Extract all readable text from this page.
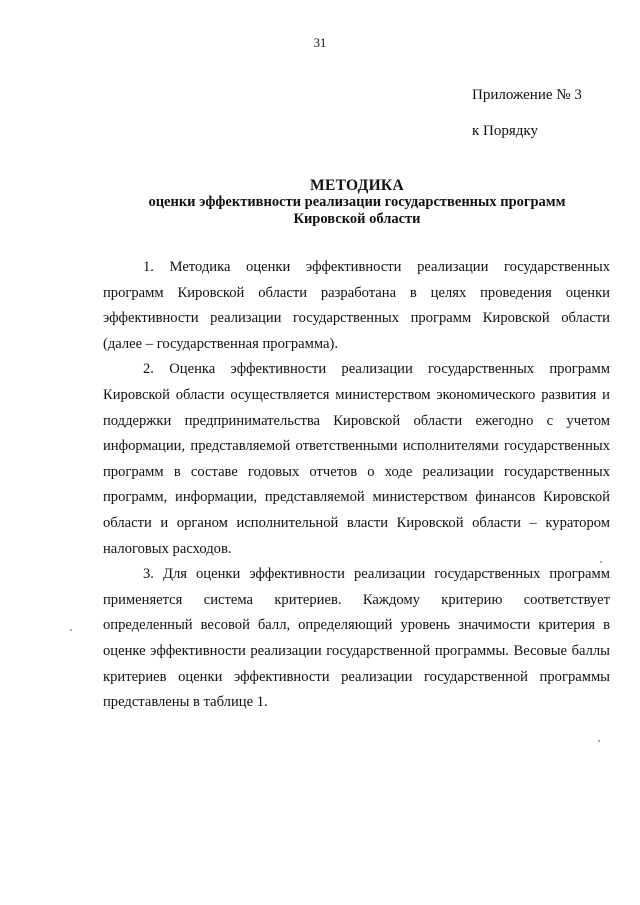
31
Приложение № 3
к Порядку
МЕТОДИКА
оценки эффективности реализации государственных программ
Кировской области

1. Методика оценки эффективности реализации государственных программ Кировской области разработана в целях проведения оценки эффективности реализации государственных программ Кировской области (далее – государственная программа).

2. Оценка эффективности реализации государственных программ Кировской области осуществляется министерством экономического развития и поддержки предпринимательства Кировской области ежегодно с учетом информации, представляемой ответственными исполнителями государственных программ в составе годовых отчетов о ходе реализации государственных программ, информации, представляемой министерством финансов Кировской области и органом исполнительной власти Кировской области – куратором налоговых расходов.

3. Для оценки эффективности реализации государственных программ применяется система критериев. Каждому критерию соответствует определенный весовой балл, определяющий уровень значимости критерия в оценке эффективности реализации государственной программы. Весовые баллы критериев оценки эффективности реализации государственной программы представлены в таблице 1.
